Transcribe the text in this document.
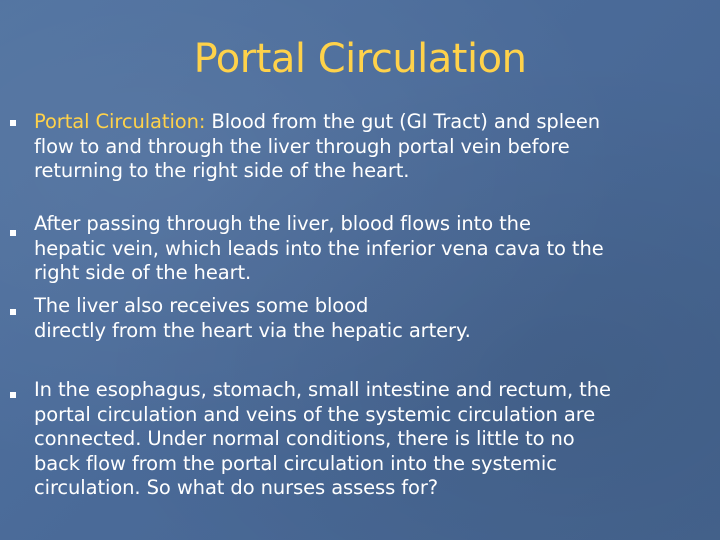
Portal Circulation
Portal Circulation: Blood from the gut (GI Tract) and spleen
flow to and through the liver through portal vein before
returning to the right side of the heart.
After passing through the liver, blood flows into the
hepatic vein, which leads into the inferior vena cava to the
right side of the heart.
The liver also receives some blood
directly from the heart via the hepatic artery.
In the esophagus, stomach, small intestine and rectum, the
portal circulation and veins of the systemic circulation are
connected. Under normal conditions, there is little to no
back flow from the portal circulation into the systemic
circulation. So what do nurses assess for?
